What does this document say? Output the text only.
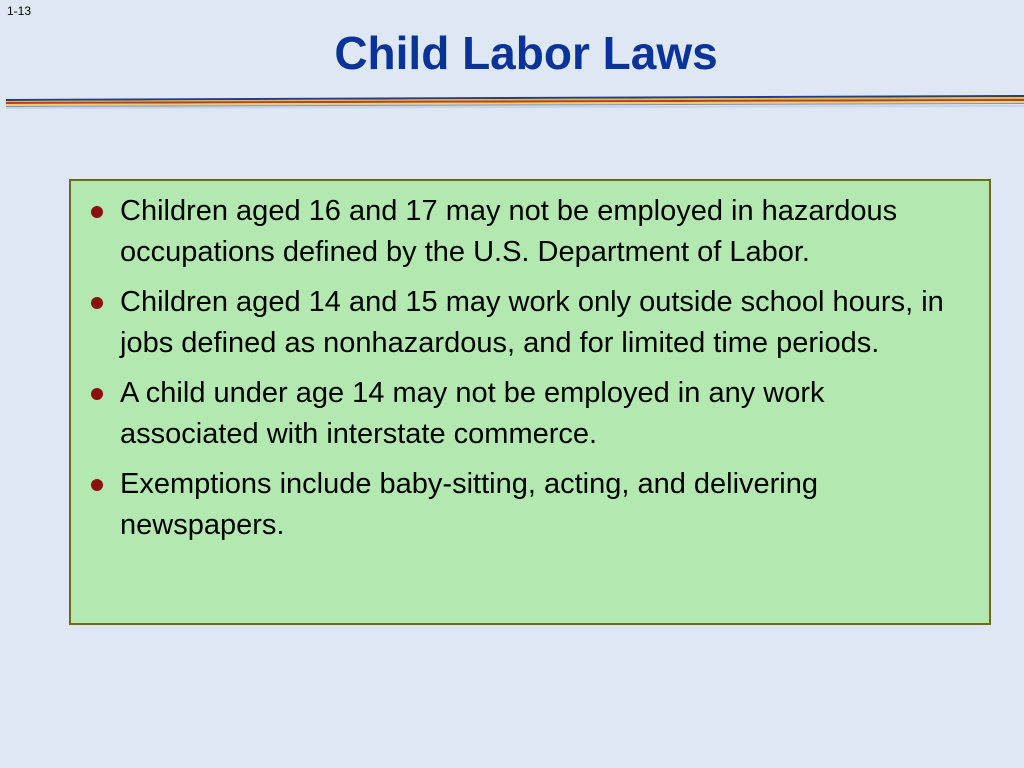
1-13
Child Labor Laws
Children aged 16 and 17 may not be employed in hazardous occupations defined by the U.S. Department of Labor.
Children aged 14 and 15 may work only outside school hours, in jobs defined as nonhazardous, and for limited time periods.
A child under age 14 may not be employed in any work associated with interstate commerce.
Exemptions include baby-sitting, acting, and delivering newspapers.
